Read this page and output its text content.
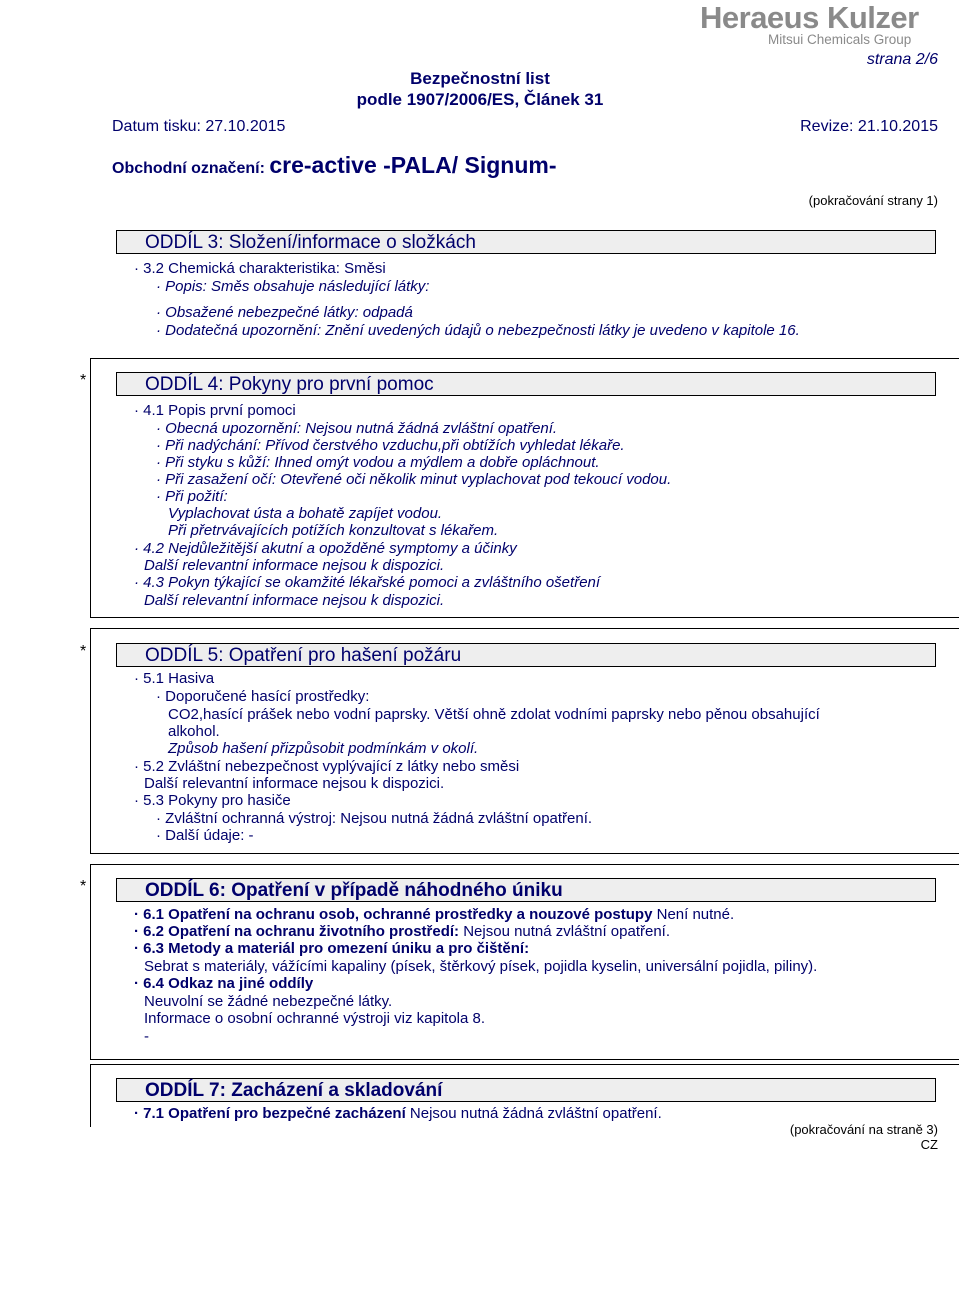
Heraeus Kulzer
Mitsui Chemicals Group
strana 2/6
Bezpečnostní list
podle 1907/2006/ES, Článek 31
Datum tisku: 27.10.2015	Revize: 21.10.2015
Obchodní označení: cre-active -PALA/ Signum-
(pokračování strany 1)
ODDÍL 3: Složení/informace o složkách
· 3.2 Chemická charakteristika: Směsi
· Popis: Směs obsahuje následující látky:
· Obsažené nebezpečné látky: odpadá
· Dodatečná upozornění: Znění uvedených údajů o nebezpečnosti látky je uvedeno v kapitole 16.
*	ODDÍL 4: Pokyny pro první pomoc
· 4.1 Popis první pomoci
· Obecná upozornění: Nejsou nutná žádná zvláštní opatření.
· Při nadýchání: Přívod čerstvého vzduchu,při obtížích vyhledat lékaře.
· Při styku s kůží: Ihned omýt vodou a mýdlem a dobře opláchnout.
· Při zasažení očí: Otevřené oči několik minut vyplachovat pod tekoucí vodou.
· Při požití:
Vyplachovat ústa a bohatě zapíjet vodou.
Při přetrvávajících potížích konzultovat s lékařem.
· 4.2 Nejdůležitější akutní a opožděné symptomy a účinky
Další relevantní informace nejsou k dispozici.
· 4.3 Pokyn týkající se okamžité lékařské pomoci a zvláštního ošetření
Další relevantní informace nejsou k dispozici.
*	ODDÍL 5: Opatření pro hašení požáru
· 5.1 Hasiva
· Doporučené hasící prostředky:
CO2,hasící prášek nebo vodní paprsky. Větší ohně zdolat vodními paprsky nebo pěnou obsahující
alkohol.
Způsob hašení přizpůsobit podmínkám v okolí.
· 5.2 Zvláštní nebezpečnost vyplývající z látky nebo směsi
Další relevantní informace nejsou k dispozici.
· 5.3 Pokyny pro hasiče
· Zvláštní ochranná výstroj: Nejsou nutná žádná zvláštní opatření.
· Další údaje: -
*	ODDÍL 6: Opatření v případě náhodného úniku
· 6.1 Opatření na ochranu osob, ochranné prostředky a nouzové postupy Není nutné.
· 6.2 Opatření na ochranu životního prostředí: Nejsou nutná zvláštní opatření.
· 6.3 Metody a materiál pro omezení úniku a pro čištění:
Sebrat s materiály, vážícími kapaliny (písek, štěrkový písek, pojidla kyselin, universální pojidla, piliny).
· 6.4 Odkaz na jiné oddíly
Neuvolní se žádné nebezpečné látky.
Informace o osobní ochranné výstroji viz kapitola 8.
-
ODDÍL 7: Zacházení a skladování
· 7.1 Opatření pro bezpečné zacházení Nejsou nutná žádná zvláštní opatření.
(pokračování na straně 3)
CZ
